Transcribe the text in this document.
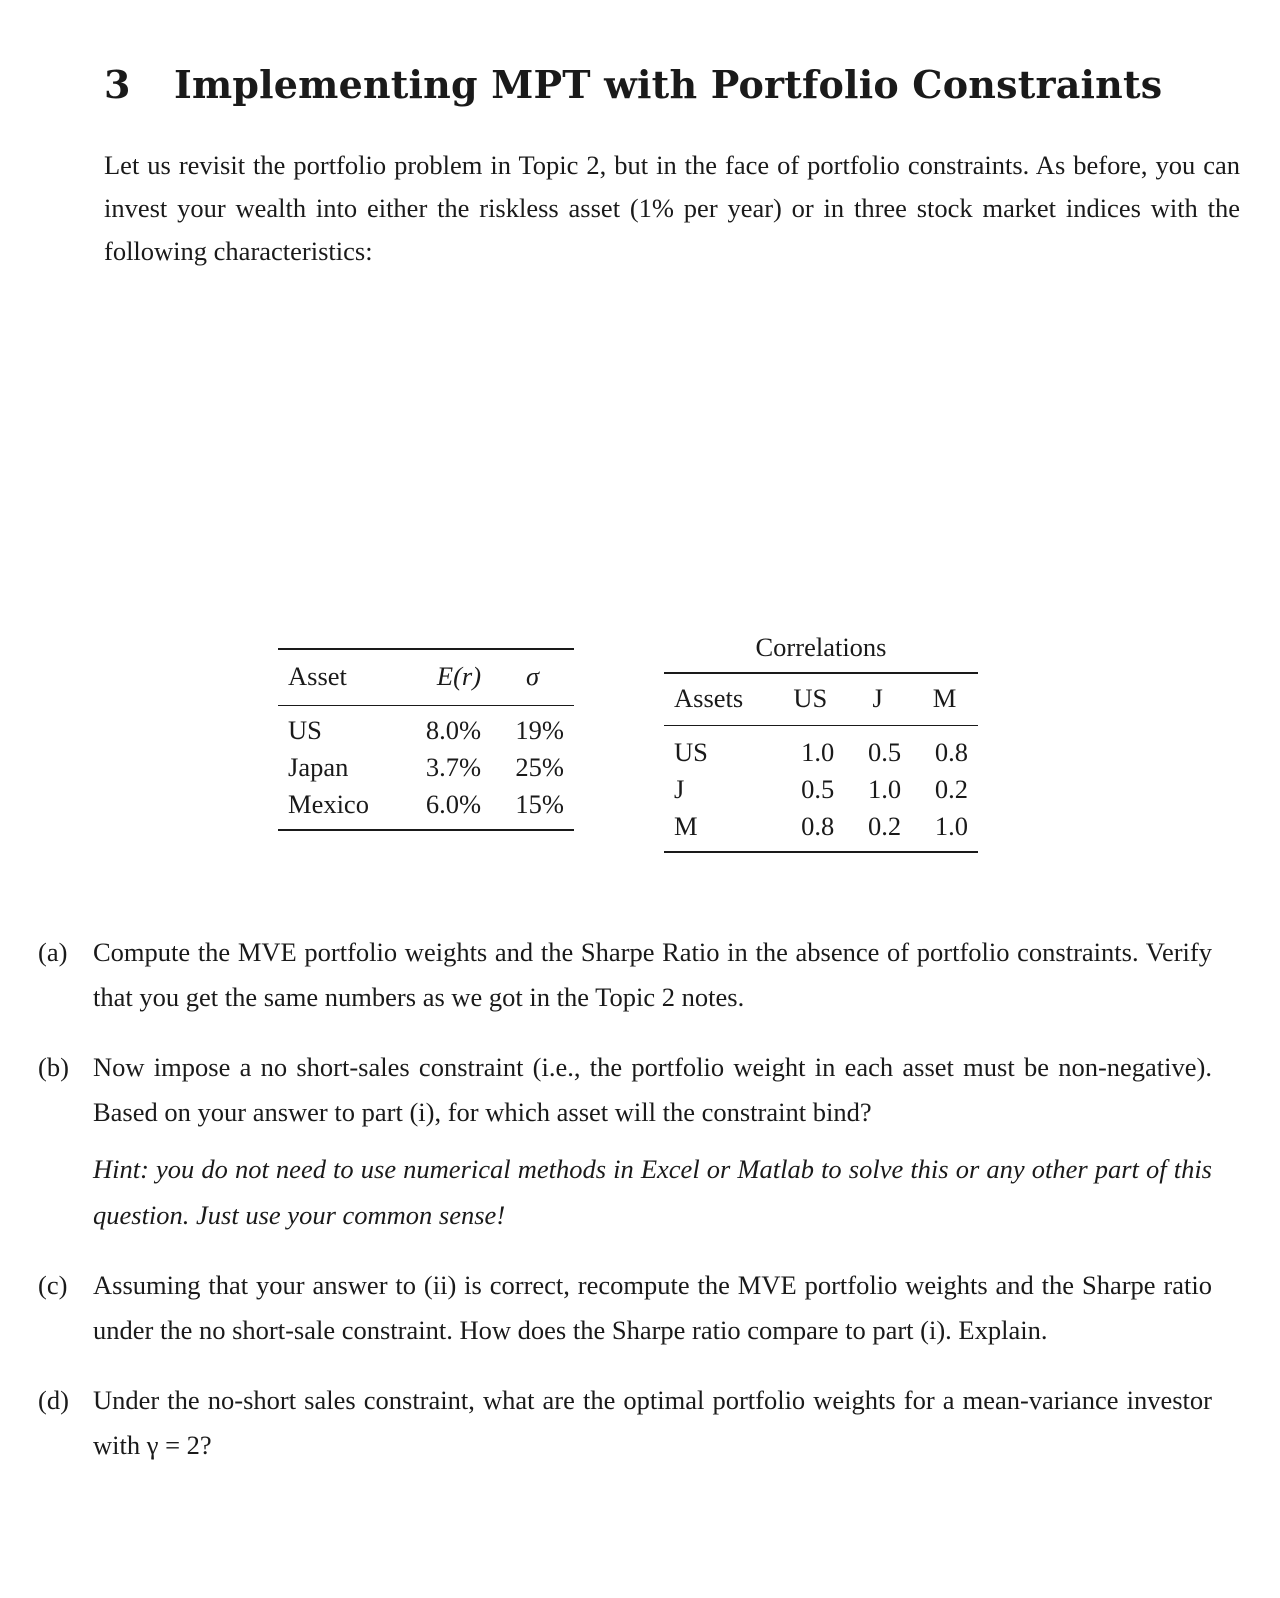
3 Implementing MPT with Portfolio Constraints

Let us revisit the portfolio problem in Topic 2, but in the face of portfolio constraints. As before, you can invest your wealth into either the riskless asset (1% per year) or in three stock market indices with the following characteristics:

Asset	E(r)	σ
US	8.0%	19%
Japan	3.7%	25%
Mexico	6.0%	15%
Correlations
Assets	US	J	M
US	1.0	0.5	0.8
J	0.5	1.0	0.2
M	0.8	0.2	1.0
(a) Compute the MVE portfolio weights and the Sharpe Ratio in the absence of portfolio constraints. Verify that you get the same numbers as we got in the Topic 2 notes.

(b) Now impose a no short-sales constraint (i.e., the portfolio weight in each asset must be non-negative). Based on your answer to part (i), for which asset will the constraint bind?

Hint: you do not need to use numerical methods in Excel or Matlab to solve this or any other part of this question. Just use your common sense!

(c) Assuming that your answer to (ii) is correct, recompute the MVE portfolio weights and the Sharpe ratio under the no short-sale constraint. How does the Sharpe ratio compare to part (i). Explain.

(d) Under the no-short sales constraint, what are the optimal portfolio weights for a mean-variance investor with γ = 2?
